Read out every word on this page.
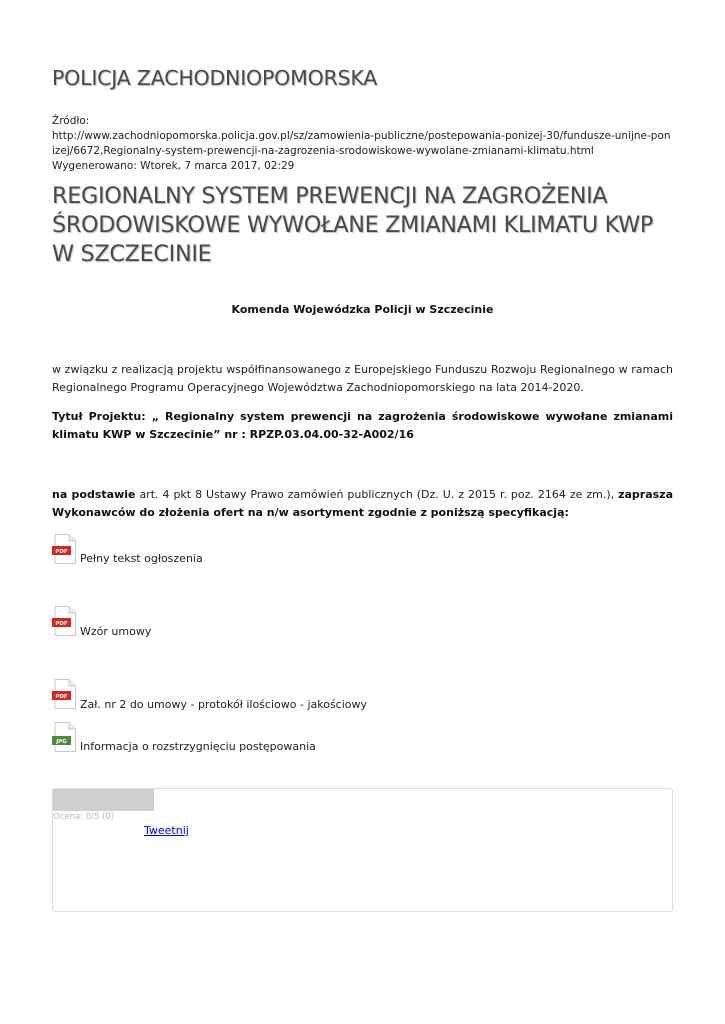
POLICJA ZACHODNIOPOMORSKA
Źródło:
http://www.zachodniopomorska.policja.gov.pl/sz/zamowienia-publiczne/postepowania-ponizej-30/fundusze-unijne-ponizej/6672,Regionalny-system-prewencji-na-zagrozenia-srodowiskowe-wywolane-zmianami-klimatu.html
Wygenerowano: Wtorek, 7 marca 2017, 02:29
REGIONALNY SYSTEM PREWENCJI NA ZAGROŻENIA ŚRODOWISKOWE WYWOŁANE ZMIANAMI KLIMATU KWP W SZCZECINIE
Komenda Wojewódzka Policji w Szczecinie
w związku z realizacją projektu współfinansowanego z Europejskiego Funduszu Rozwoju Regionalnego w ramach Regionalnego Programu Operacyjnego Województwa Zachodniopomorskiego na lata 2014-2020.
Tytuł Projektu: „ Regionalny system prewencji na zagrożenia środowiskowe wywołane zmianami klimatu KWP w Szczecinie” nr : RPZP.03.04.00-32-A002/16
na podstawie art. 4 pkt 8 Ustawy Prawo zamówień publicznych (Dz. U. z 2015 r. poz. 2164 ze zm.), zaprasza Wykonawców do złożenia ofert na n/w asortyment zgodnie z poniższą specyfikacją:
PDF Pełny tekst ogłoszenia
PDF
Wzór umowy
PDF
Zał. nr 2 do umowy - protokół ilościowo - jakościowy
JPG Informacja o rozstrzygnięciu postępowania
Ocena: 0/5 (0)
Tweetnij
